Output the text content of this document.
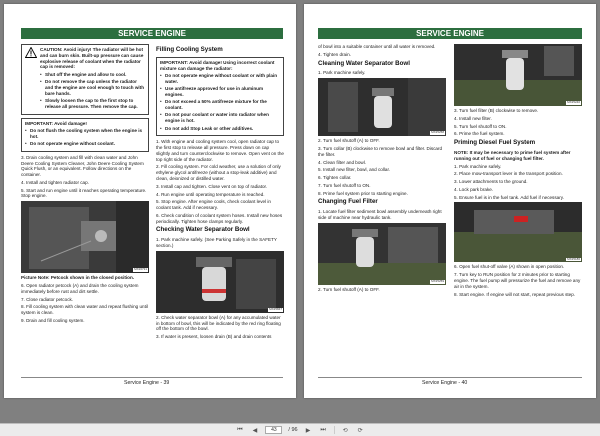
SERVICE ENGINE

CAUTION: Avoid injury! The radiator will be hot and can burn skin. Built-up pressure can cause explosive release of coolant when the radiator cap is removed:

• Shut off the engine and allow to cool.
• Do not remove the cap unless the radiator and the engine are cool enough to touch with bare hands.
• Slowly loosen the cap to the first stop to release all pressure. Then remove the cap.
IMPORTANT: Avoid damage!
• Do not flush the cooling system when the engine is hot.
• Do not operate engine without coolant.

3. Drain cooling system and fill with clean water and John Deere Cooling System Cleaner, John Deere Cooling System Quick Flush, or an equivalent. Follow directions on the container.

4. Install and tighten radiator cap.

5. Start and run engine until it reaches operating temperature. Stop engine.

MX26731

Picture Note: Petcock shown in the closed position.

6. Open radiator petcock (A) and drain the cooling system immediately before rust and dirt settle.

7. Close radiator petcock.

8. Fill cooling system with clean water and repeat flushing until system is clean.

9. Drain and fill cooling system.

Filling Cooling System
IMPORTANT: Avoid damage! Using incorrect coolant mixture can damage the radiator:
• Do not operate engine without coolant or with plain water.
• Use antifreeze approved for use in aluminum engines.
• Do not exceed a 50% antifreeze mixture for the coolant.
• Do not pour coolant or water into radiator when engine is hot.
• Do not add Stop Leak or other additives.

1. With engine and cooling system cool, open radiator cap to the first stop to release all pressure. Press down on cap slightly and turn counterclockwise to remove. Open vent on the top right side of the radiator.

2. Fill cooling system. For cold weather, use a solution of only ethylene glycol antifreeze (without a stop-leak additive) and clean, deionized or distilled water.

3. Install cap and tighten. Close vent on top of radiator.

4. Run engine until operating temperature is reached.

5. Stop engine. After engine cools, check coolant level in coolant tank. Add if necessary.

6. Check condition of coolant system hoses. Install new hoses periodically. Tighten hose clamps regularly.

Checking Water Separator Bowl

1. Park machine safely. (See Parking Safely in the SAFETY section.)

MX25847

2. Check water separator bowl (A) for any accumulated water in bottom of bowl, this will be indicated by the red ring floating off the bottom of the bowl.

3. If water is present, loosen drain (B) and drain contents

Service Engine - 39
SERVICE ENGINE

of bowl into a suitable container until all water is removed.

4. Tighten drain.

Cleaning Water Separator Bowl

1. Park machine safely.

MX25258

2. Turn fuel shutoff (A) to OFF.

3. Turn collar (B) clockwise to remove bowl and filter. Discard the filter.

4. Clean filter and bowl.

5. Install new filter, bowl, and collar.

6. Tighten collar.

7. Turn fuel shutoff to ON.

8. Prime fuel system prior to starting engine.

Changing Fuel Filter

1. Locate fuel filter sediment bowl assembly underneath right side of machine near hydraulic tank.

MX25259

2. Turn fuel shutoff (A) to OFF.

MX25240

3. Turn fuel filter (B) clockwise to remove.

4. Install new filter.

5. Turn fuel shutoff to ON.

6. Prime the fuel system.

Priming Diesel Fuel System

NOTE: It may be necessary to prime fuel system after running out of fuel or changing fuel filter.

1. Park machine safely.

2. Place mow-transport lever in the transport position.

3. Lower attachments to the ground.

4. Lock park brake.

5. Ensure fuel is in the fuel tank. Add fuel if necessary.

MX25186

6. Open fuel shut-off valve (A) shown in open position.

7. Turn key to RUN position for 2 minutes prior to starting engine. The fuel pump will pressurize the fuel and remove any air in the system.

8. Start engine. If engine will not start, repeat previous step.

Service Engine - 40
⏮	◀	43	/ 96	▶	⏭	⟲	⟳
